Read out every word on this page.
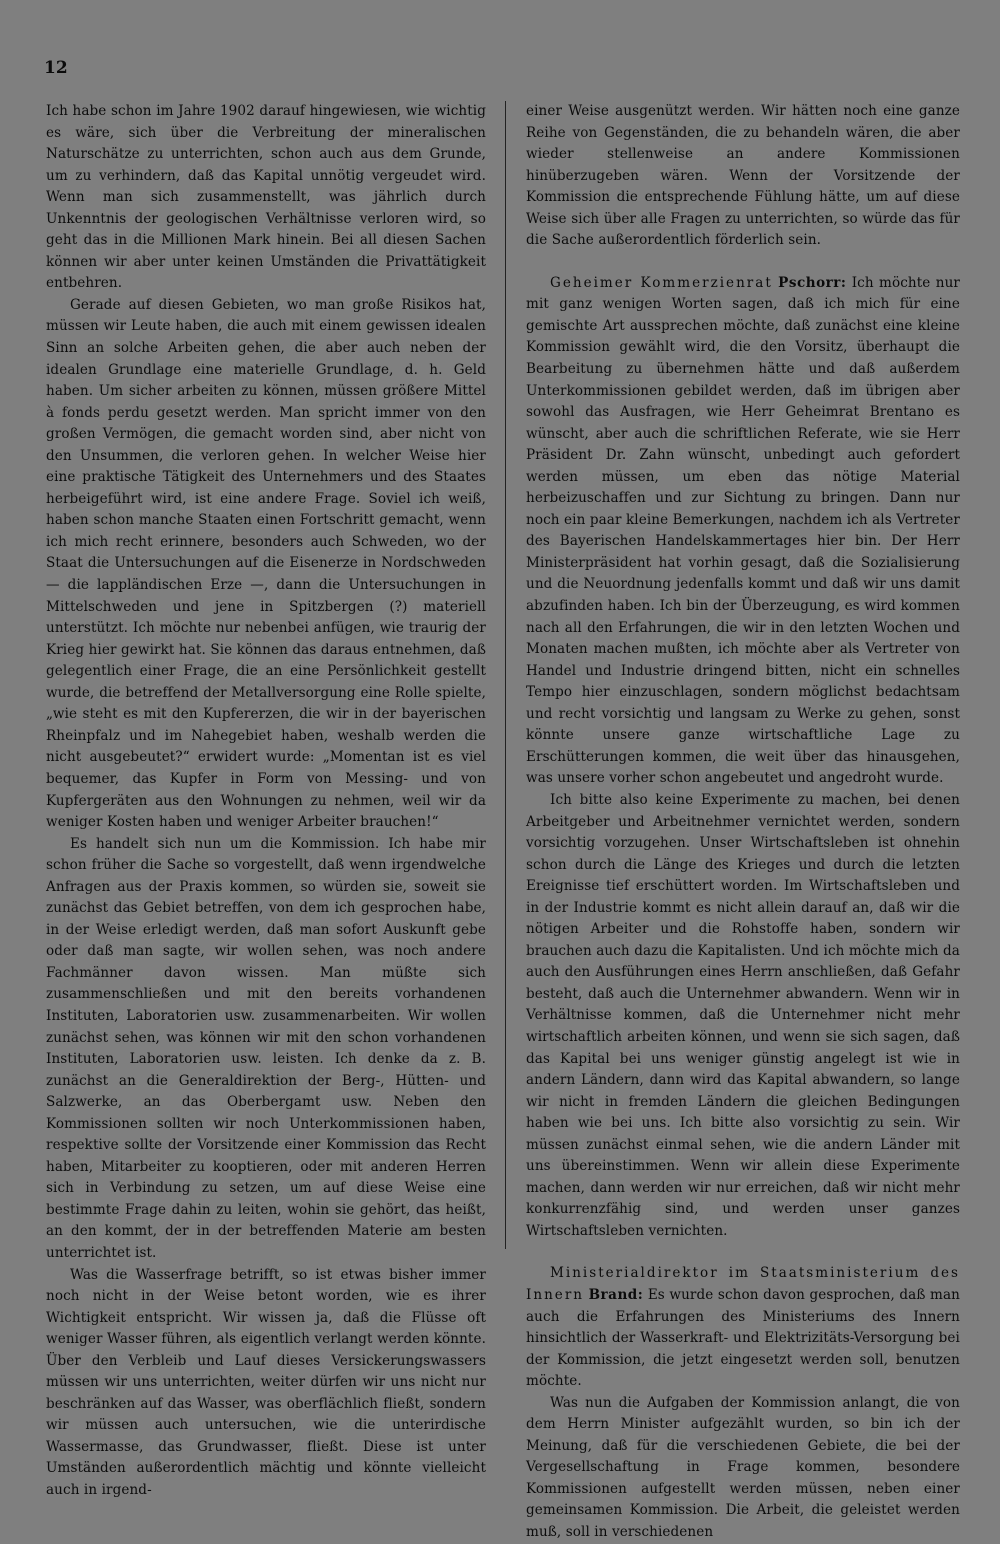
12

Ich habe schon im Jahre 1902 darauf hingewiesen, wie wichtig es wäre, sich über die Verbreitung der mineralischen Naturschätze zu unterrichten, schon auch aus dem Grunde, um zu verhindern, daß das Kapital unnötig vergeudet wird. Wenn man sich zusammenstellt, was jährlich durch Unkenntnis der geologischen Verhältnisse verloren wird, so geht das in die Millionen Mark hinein. Bei all diesen Sachen können wir aber unter keinen Umständen die Privattätigkeit entbehren.

Gerade auf diesen Gebieten, wo man große Risikos hat, müssen wir Leute haben, die auch mit einem gewissen idealen Sinn an solche Arbeiten gehen, die aber auch neben der idealen Grundlage eine materielle Grundlage, d. h. Geld haben. Um sicher arbeiten zu können, müssen größere Mittel à fonds perdu gesetzt werden. Man spricht immer von den großen Vermögen, die gemacht worden sind, aber nicht von den Unsummen, die verloren gehen. In welcher Weise hier eine praktische Tätigkeit des Unternehmers und des Staates herbeigeführt wird, ist eine andere Frage. Soviel ich weiß, haben schon manche Staaten einen Fortschritt gemacht, wenn ich mich recht erinnere, besonders auch Schweden, wo der Staat die Untersuchungen auf die Eisenerze in Nordschweden — die lappländischen Erze —, dann die Untersuchungen in Mittelschweden und jene in Spitzbergen (?) materiell unterstützt. Ich möchte nur nebenbei anfügen, wie traurig der Krieg hier gewirkt hat. Sie können das daraus entnehmen, daß gelegentlich einer Frage, die an eine Persönlichkeit gestellt wurde, die betreffend der Metallversorgung eine Rolle spielte, „wie steht es mit den Kupfererzen, die wir in der bayerischen Rheinpfalz und im Nahegebiet haben, weshalb werden die nicht ausgebeutet?“ erwidert wurde: „Momentan ist es viel bequemer, das Kupfer in Form von Messing- und von Kupfergeräten aus den Wohnungen zu nehmen, weil wir da weniger Kosten haben und weniger Arbeiter brauchen!“

Es handelt sich nun um die Kommission. Ich habe mir schon früher die Sache so vorgestellt, daß wenn irgendwelche Anfragen aus der Praxis kommen, so würden sie, soweit sie zunächst das Gebiet betreffen, von dem ich gesprochen habe, in der Weise erledigt werden, daß man sofort Auskunft gebe oder daß man sagte, wir wollen sehen, was noch andere Fachmänner davon wissen. Man müßte sich zusammenschließen und mit den bereits vorhandenen Instituten, Laboratorien usw. zusammenarbeiten. Wir wollen zunächst sehen, was können wir mit den schon vorhandenen Instituten, Laboratorien usw. leisten. Ich denke da z. B. zunächst an die Generaldirektion der Berg-, Hütten- und Salzwerke, an das Oberbergamt usw. Neben den Kommissionen sollten wir noch Unterkommissionen haben, respektive sollte der Vorsitzende einer Kommission das Recht haben, Mitarbeiter zu kooptieren, oder mit anderen Herren sich in Verbindung zu setzen, um auf diese Weise eine bestimmte Frage dahin zu leiten, wohin sie gehört, das heißt, an den kommt, der in der betreffenden Materie am besten unterrichtet ist.

Was die Wasserfrage betrifft, so ist etwas bisher immer noch nicht in der Weise betont worden, wie es ihrer Wichtigkeit entspricht. Wir wissen ja, daß die Flüsse oft weniger Wasser führen, als eigentlich verlangt werden könnte. Über den Verbleib und Lauf dieses Versickerungswassers müssen wir uns unterrichten, weiter dürfen wir uns nicht nur beschränken auf das Wasser, was oberflächlich fließt, sondern wir müssen auch untersuchen, wie die unterirdische Wassermasse, das Grundwasser, fließt. Diese ist unter Umständen außerordentlich mächtig und könnte vielleicht auch in irgend-

einer Weise ausgenützt werden. Wir hätten noch eine ganze Reihe von Gegenständen, die zu behandeln wären, die aber wieder stellenweise an andere Kommissionen hinüberzugeben wären. Wenn der Vorsitzende der Kommission die entsprechende Fühlung hätte, um auf diese Weise sich über alle Fragen zu unterrichten, so würde das für die Sache außerordentlich förderlich sein.

Geheimer Kommerzienrat Pschorr: Ich möchte nur mit ganz wenigen Worten sagen, daß ich mich für eine gemischte Art aussprechen möchte, daß zunächst eine kleine Kommission gewählt wird, die den Vorsitz, überhaupt die Bearbeitung zu übernehmen hätte und daß außerdem Unterkommissionen gebildet werden, daß im übrigen aber sowohl das Ausfragen, wie Herr Geheimrat Brentano es wünscht, aber auch die schriftlichen Referate, wie sie Herr Präsident Dr. Zahn wünscht, unbedingt auch gefordert werden müssen, um eben das nötige Material herbeizuschaffen und zur Sichtung zu bringen. Dann nur noch ein paar kleine Bemerkungen, nachdem ich als Vertreter des Bayerischen Handelskammertages hier bin. Der Herr Ministerpräsident hat vorhin gesagt, daß die Sozialisierung und die Neuordnung jedenfalls kommt und daß wir uns damit abzufinden haben. Ich bin der Überzeugung, es wird kommen nach all den Erfahrungen, die wir in den letzten Wochen und Monaten machen mußten, ich möchte aber als Vertreter von Handel und Industrie dringend bitten, nicht ein schnelles Tempo hier einzuschlagen, sondern möglichst bedachtsam und recht vorsichtig und langsam zu Werke zu gehen, sonst könnte unsere ganze wirtschaftliche Lage zu Erschütterungen kommen, die weit über das hinausgehen, was unsere vorher schon angebeutet und angedroht wurde.

Ich bitte also keine Experimente zu machen, bei denen Arbeitgeber und Arbeitnehmer vernichtet werden, sondern vorsichtig vorzugehen. Unser Wirtschaftsleben ist ohnehin schon durch die Länge des Krieges und durch die letzten Ereignisse tief erschüttert worden. Im Wirtschaftsleben und in der Industrie kommt es nicht allein darauf an, daß wir die nötigen Arbeiter und die Rohstoffe haben, sondern wir brauchen auch dazu die Kapitalisten. Und ich möchte mich da auch den Ausführungen eines Herrn anschließen, daß Gefahr besteht, daß auch die Unternehmer abwandern. Wenn wir in Verhältnisse kommen, daß die Unternehmer nicht mehr wirtschaftlich arbeiten können, und wenn sie sich sagen, daß das Kapital bei uns weniger günstig angelegt ist wie in andern Ländern, dann wird das Kapital abwandern, so lange wir nicht in fremden Ländern die gleichen Bedingungen haben wie bei uns. Ich bitte also vorsichtig zu sein. Wir müssen zunächst einmal sehen, wie die andern Länder mit uns übereinstimmen. Wenn wir allein diese Experimente machen, dann werden wir nur erreichen, daß wir nicht mehr konkurrenzfähig sind, und werden unser ganzes Wirtschaftsleben vernichten.

Ministerialdirektor im Staatsministerium des Innern Brand: Es wurde schon davon gesprochen, daß man auch die Erfahrungen des Ministeriums des Innern hinsichtlich der Wasserkraft- und Elektrizitäts-Versorgung bei der Kommission, die jetzt eingesetzt werden soll, benutzen möchte.

Was nun die Aufgaben der Kommission anlangt, die von dem Herrn Minister aufgezählt wurden, so bin ich der Meinung, daß für die verschiedenen Gebiete, die bei der Vergesellschaftung in Frage kommen, besondere Kommissionen aufgestellt werden müssen, neben einer gemeinsamen Kommission. Die Arbeit, die geleistet werden muß, soll in verschiedenen
